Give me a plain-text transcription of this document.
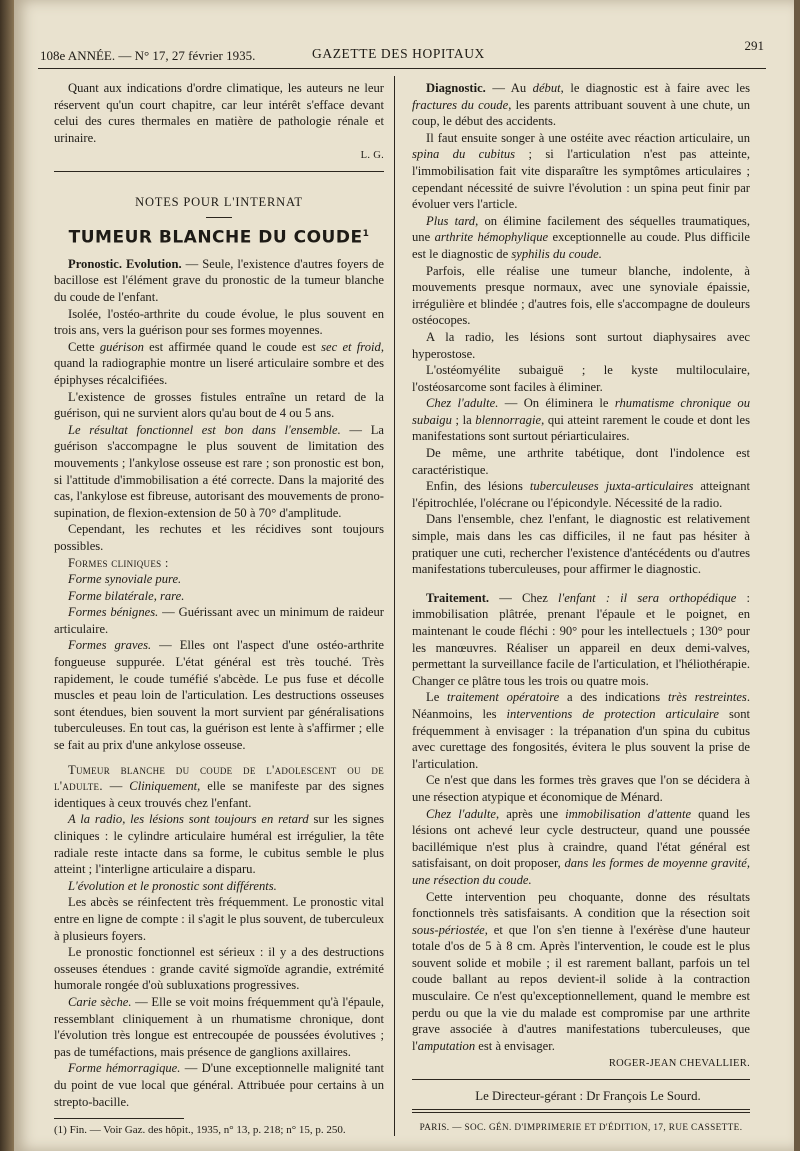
108e ANNÉE. — N° 17, 27 février 1935.	GAZETTE DES HOPITAUX
291

Quant aux indications d'ordre climatique, les auteurs ne leur réservent qu'un court chapitre, car leur intérêt s'efface devant celui des cures thermales en matière de pathologie rénale et urinaire.

L. G.

NOTES POUR L'INTERNAT
TUMEUR BLANCHE DU COUDE$^1$

Pronostic. Evolution. — Seule, l'existence d'autres foyers de bacillose est l'élément grave du pronostic de la tumeur blanche du coude de l'enfant.

Isolée, l'ostéo-arthrite du coude évolue, le plus souvent en trois ans, vers la guérison pour ses formes moyennes.

Cette guérison est affirmée quand le coude est sec et froid, quand la radiographie montre un liseré articulaire sombre et des épiphyses récalcifiées.

L'existence de grosses fistules entraîne un retard de la guérison, qui ne survient alors qu'au bout de 4 ou 5 ans.

Le résultat fonctionnel est bon dans l'ensemble. — La guérison s'accompagne le plus souvent de limitation des mouvements ; l'ankylose osseuse est rare ; son pronostic est bon, si l'attitude d'immobilisation a été correcte. Dans la majorité des cas, l'ankylose est fibreuse, autorisant des mouvements de prono-supination, de flexion-extension de 50 à 70° d'amplitude.

Cependant, les rechutes et les récidives sont toujours possibles.

Formes cliniques :

Forme synoviale pure.

Forme bilatérale, rare.

Formes bénignes. — Guérissant avec un minimum de raideur articulaire.

Formes graves. — Elles ont l'aspect d'une ostéo-arthrite fongueuse suppurée. L'état général est très touché. Très rapidement, le coude tuméfié s'abcède. Le pus fuse et décolle muscles et peau loin de l'articulation. Les destructions osseuses sont étendues, bien souvent la mort survient par généralisations tuberculeuses. En tout cas, la guérison est lente à s'affirmer ; elle se fait au prix d'une ankylose osseuse.

Tumeur blanche du coude de l'adolescent ou de l'adulte. — Cliniquement, elle se manifeste par des signes identiques à ceux trouvés chez l'enfant.

A la radio, les lésions sont toujours en retard sur les signes cliniques : le cylindre articulaire huméral est irrégulier, la tête radiale reste intacte dans sa forme, le cubitus semble le plus atteint ; l'interligne articulaire a disparu.

L'évolution et le pronostic sont différents.

Les abcès se réinfectent très fréquemment. Le pronostic vital entre en ligne de compte : il s'agit le plus souvent, de tuberculeux à plusieurs foyers.

Le pronostic fonctionnel est sérieux : il y a des destructions osseuses étendues : grande cavité sigmoïde agrandie, extrémité humorale rongée d'où subluxations progressives.

Carie sèche. — Elle se voit moins fréquemment qu'à l'épaule, ressemblant cliniquement à un rhumatisme chronique, dont l'évolution très longue est entrecoupée de poussées évolutives ; pas de tuméfactions, mais présence de ganglions axillaires.

Forme hémorragique. — D'une exceptionnelle malignité tant du point de vue local que général. Attribuée pour certains à un strepto-bacille.

(1) Fin. — Voir Gaz. des hôpit., 1935, n° 13, p. 218; n° 15, p. 250.

Diagnostic. — Au début, le diagnostic est à faire avec les fractures du coude, les parents attribuant souvent à une chute, un coup, le début des accidents.

Il faut ensuite songer à une ostéite avec réaction articulaire, un spina du cubitus ; si l'articulation n'est pas atteinte, l'immobilisation fait vite disparaître les symptômes articulaires ; cependant nécessité de suivre l'évolution : un spina peut finir par évoluer vers l'article.

Plus tard, on élimine facilement des séquelles traumatiques, une arthrite hémophylique exceptionnelle au coude. Plus difficile est le diagnostic de syphilis du coude.

Parfois, elle réalise une tumeur blanche, indolente, à mouvements presque normaux, avec une synoviale épaissie, irrégulière et blindée ; d'autres fois, elle s'accompagne de douleurs ostéocopes.

A la radio, les lésions sont surtout diaphysaires avec hyperostose.

L'ostéomyélite subaiguë ; le kyste multiloculaire, l'ostéosarcome sont faciles à éliminer.

Chez l'adulte. — On éliminera le rhumatisme chronique ou subaigu ; la blennorragie, qui atteint rarement le coude et dont les manifestations sont surtout périarticulaires.

De même, une arthrite tabétique, dont l'indolence est caractéristique.

Enfin, des lésions tuberculeuses juxta-articulaires atteignant l'épitrochlée, l'olécrane ou l'épicondyle. Nécessité de la radio.

Dans l'ensemble, chez l'enfant, le diagnostic est relativement simple, mais dans les cas difficiles, il ne faut pas hésiter à pratiquer une cuti, rechercher l'existence d'antécédents ou d'autres manifestations tuberculeuses, pour affirmer le diagnostic.

Traitement. — Chez l'enfant : il sera orthopédique : immobilisation plâtrée, prenant l'épaule et le poignet, en maintenant le coude fléchi : 90° pour les intellectuels ; 130° pour les manœuvres. Réaliser un appareil en deux demi-valves, permettant la surveillance facile de l'articulation, et l'héliothérapie. Changer ce plâtre tous les trois ou quatre mois.

Le traitement opératoire a des indications très restreintes. Néanmoins, les interventions de protection articulaire sont fréquemment à envisager : la trépanation d'un spina du cubitus avec curettage des fongosités, évitera le plus souvent la prise de l'articulation.

Ce n'est que dans les formes très graves que l'on se décidera à une résection atypique et économique de Ménard.

Chez l'adulte, après une immobilisation d'attente quand les lésions ont achevé leur cycle destructeur, quand une poussée bacillémique n'est plus à craindre, quand l'état général est satisfaisant, on doit proposer, dans les formes de moyenne gravité, une résection du coude.

Cette intervention peu choquante, donne des résultats fonctionnels très satisfaisants. A condition que la résection soit sous-périostée, et que l'on s'en tienne à l'exérèse d'une hauteur totale d'os de 5 à 8 cm. Après l'intervention, le coude est le plus souvent solide et mobile ; il est rarement ballant, parfois un tel coude ballant au repos devient-il solide à la contraction musculaire. Ce n'est qu'exceptionnellement, quand le membre est perdu ou que la vie du malade est compromise par une arthrite grave associée à d'autres manifestations tuberculeuses, que l'amputation est à envisager.

ROGER-JEAN CHEVALLIER.

Le Directeur-gérant : Dr François Le Sourd.

PARIS. — SOC. GÉN. D'IMPRIMERIE ET D'ÉDITION, 17, RUE CASSETTE.
